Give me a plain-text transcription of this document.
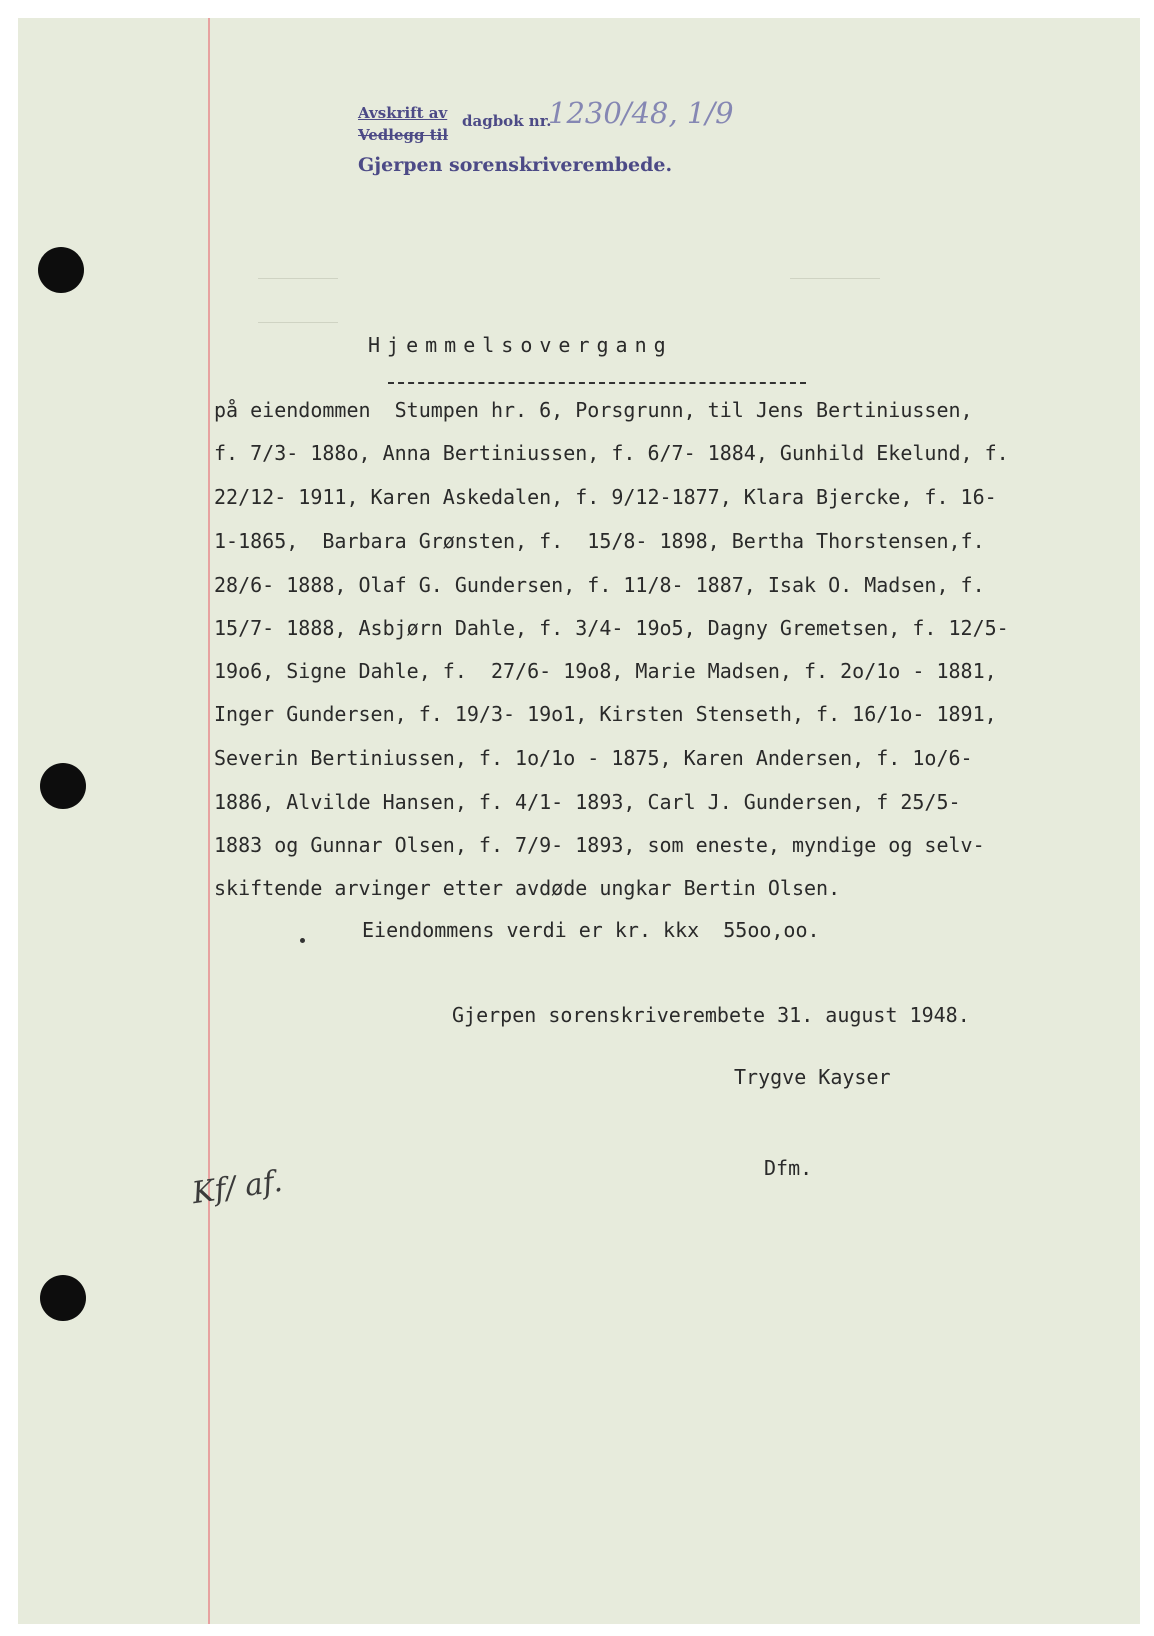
Avskrift av
Vedlegg til
dagbok nr.
1230/48, 1/9
Gjerpen sorenskriverembede.
Hjemmelsovergang
på eiendommen  Stumpen hr. 6, Porsgrunn, til Jens Bertiniussen,
f. 7/3- 188o, Anna Bertiniussen, f. 6/7- 1884, Gunhild Ekelund, f.
22/12- 1911, Karen Askedalen, f. 9/12-1877, Klara Bjercke, f. 16-
1-1865,  Barbara Grønsten, f.  15/8- 1898, Bertha Thorstensen,f.
28/6- 1888, Olaf G. Gundersen, f. 11/8- 1887, Isak O. Madsen, f.
15/7- 1888, Asbjørn Dahle, f. 3/4- 19o5, Dagny Gremetsen, f. 12/5-
19o6, Signe Dahle, f.  27/6- 19o8, Marie Madsen, f. 2o/1o - 1881,
Inger Gundersen, f. 19/3- 19o1, Kirsten Stenseth, f. 16/1o- 1891,
Severin Bertiniussen, f. 1o/1o - 1875, Karen Andersen, f. 1o/6-
1886, Alvilde Hansen, f. 4/1- 1893, Carl J. Gundersen, f 25/5-
1883 og Gunnar Olsen, f. 7/9- 1893, som eneste, myndige og selv-
skiftende arvinger etter avdøde ungkar Bertin Olsen.
Eiendommens verdi er kr. kkx  55oo,oo.
Gjerpen sorenskriverembete 31. august 1948.
Trygve Kayser
Dfm.
Kf/ af.
